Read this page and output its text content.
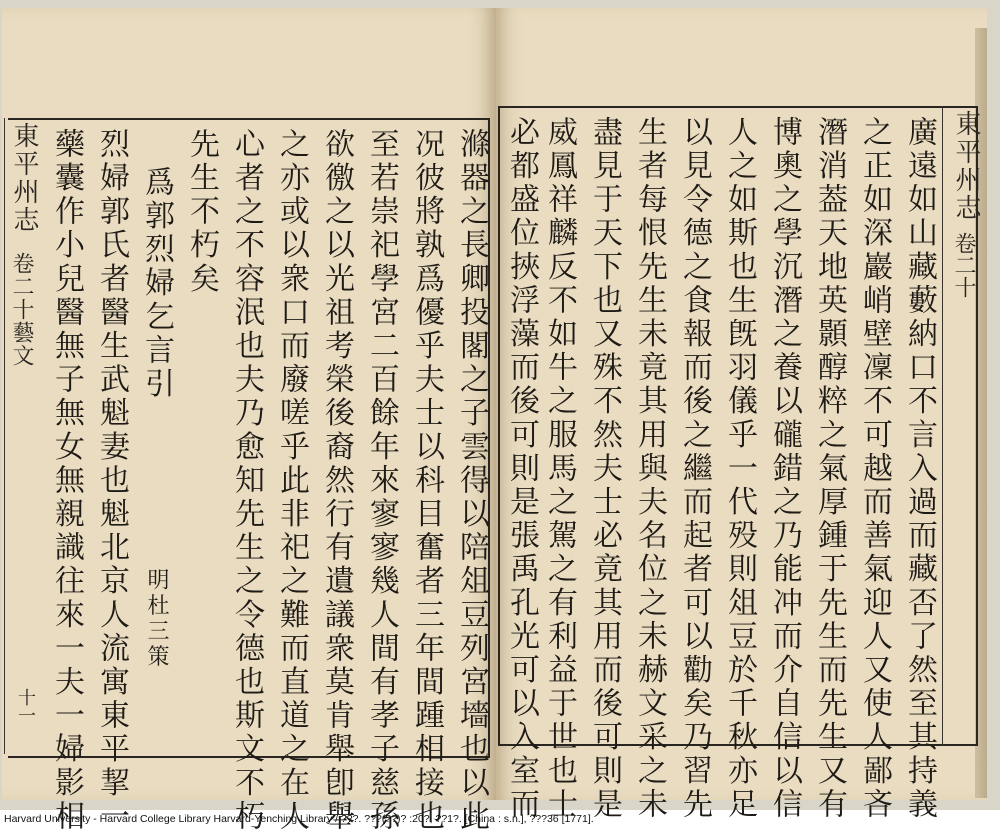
東平州志
卷二十藝文
十一 烈婦郭氏者醫生武魁妻也魁北京人流寓東平挈一
藥囊作小兒醫無子無女無親識往來一夫一婦影相 爲郭烈婦乞言引
明杜三策
先生不朽矣 心者之不容泯也夫乃愈知先生之令德也斯文不朽 之亦或以衆口而廢嗟乎此非祀之難而直道之在人 欲徼之以光祖考榮後裔然行有遺議衆莫肯舉卽舉 至若崇祀學宮二百餘年來寥寥幾人間有孝子慈孫 况彼將孰爲優乎夫士以科目奮者三年間踵相接也 滌器之長卿投閣之子雲得以陪俎豆列宮墻也以此	東平州志
卷二十
廣遠如山藏藪納口不言入過而藏否了然至其持義
之正如深巖峭壁凜不可越而善氣迎人又使人鄙吝
潛消葢天地英顥醇粹之氣厚鍾于先生而先生又有
博奧之學沉潛之養以礲錯之乃能冲而介自信以信
人之如斯也生旣羽儀乎一代殁則俎豆於千秋亦足
以見令德之食報而後之繼而起者可以勸矣乃習先
生者每恨先生未竟其用與夫名位之未赫文采之未
盡見于天下也又殊不然夫士必竟其用而後可則是
威鳳祥麟反不如牛之服馬之駕之有利益于世也士
必都盛位挾浮藻而後可則是張禹孔光可以入室而
Harvard University - Harvard College Library Harvard-Yenching Library / ???. ???(??)? :20?, ??1?. [China : s.n.], ???36 [1771].
